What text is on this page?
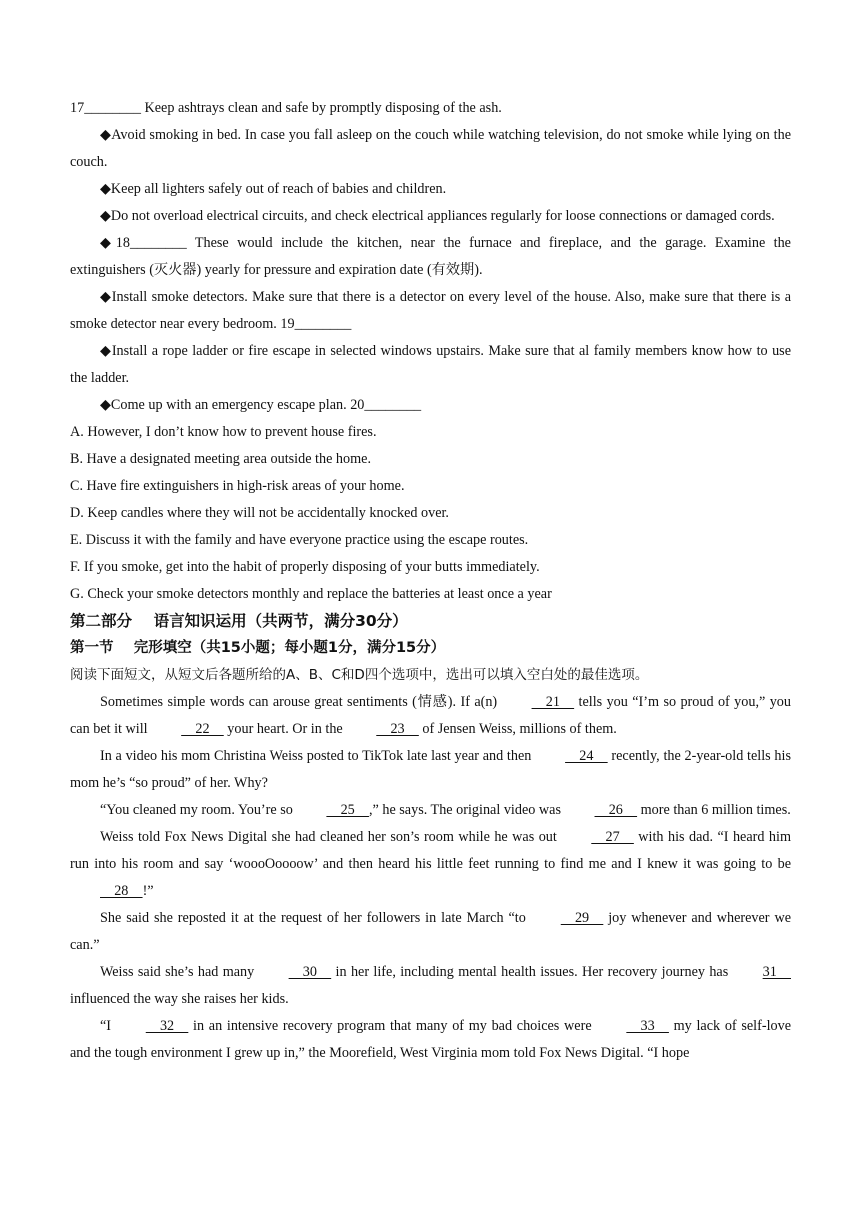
17________ Keep ashtrays clean and safe by promptly disposing of the ash.

◆Avoid smoking in bed. In case you fall asleep on the couch while watching television, do not smoke while lying on the couch.

◆Keep all lighters safely out of reach of babies and children.

◆Do not overload electrical circuits, and check electrical appliances regularly for loose connections or damaged cords.

◆18________ These would include the kitchen, near the furnace and fireplace, and the garage. Examine the extinguishers (灭火器) yearly for pressure and expiration date (有效期).

◆Install smoke detectors. Make sure that there is a detector on every level of the house. Also, make sure that there is a smoke detector near every bedroom. 19________

◆Install a rope ladder or fire escape in selected windows upstairs. Make sure that al family members know how to use the ladder.

◆Come up with an emergency escape plan. 20________

A. However, I don’t know how to prevent house fires.

B. Have a designated meeting area outside the home.

C. Have fire extinguishers in high-risk areas of your home.

D. Keep candles where they will not be accidentally knocked over.

E. Discuss it with the family and have everyone practice using the escape routes.

F. If you smoke, get into the habit of properly disposing of your butts immediately.

G. Check your smoke detectors monthly and replace the batteries at least once a year

第二部分    语言知识运用（共两节，满分30分）

第一节    完形填空（共15小题；每小题1分，满分15分）

阅读下面短文，从短文后各题所给的A、B、C和D四个选项中，选出可以填入空白处的最佳选项。

Sometimes simple words can arouse great sentiments (情感). If a(n)     21     tells you “I’m so proud of you,” you can bet it will     22     your heart. Or in the     23     of Jensen Weiss, millions of them.

In a video his mom Christina Weiss posted to TikTok late last year and then     24     recently, the 2-year-old tells his mom he’s “so proud” of her. Why?

“You cleaned my room. You’re so     25    ,” he says. The original video was     26     more than 6 million times.

Weiss told Fox News Digital she had cleaned her son’s room while he was out     27     with his dad. “I heard him run into his room and say ‘woooOoooow’ and then heard his little feet running to find me and I knew it was going to be     28    !”

She said she reposted it at the request of her followers in late March “to     29     joy whenever and wherever we can.”

Weiss said she’s had many     30     in her life, including mental health issues. Her recovery journey has 31     influenced the way she raises her kids.

“I     32     in an intensive recovery program that many of my bad choices were     33     my lack of self-love and the tough environment I grew up in,” the Moorefield, West Virginia mom told Fox News Digital. “I hope
